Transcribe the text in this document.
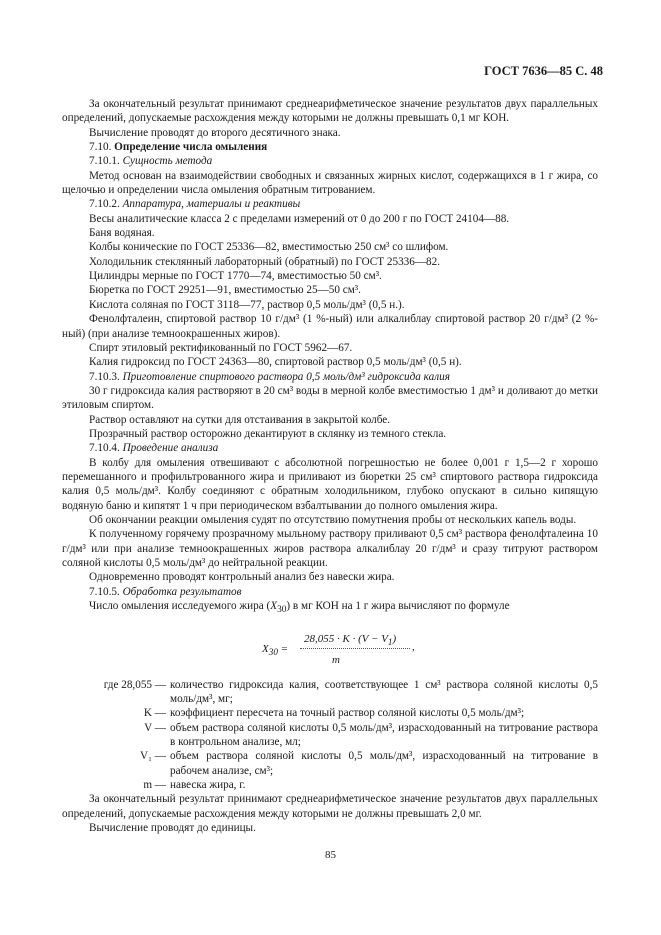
ГОСТ 7636—85 С. 48

За окончательный результат принимают среднеарифметическое значение результатов двух параллельных определений, допускаемые расхождения между которыми не должны превышать 0,1 мг КОН.

Вычисление проводят до второго десятичного знака.

7.10. Определение числа омыления

7.10.1. Сущность метода

Метод основан на взаимодействии свободных и связанных жирных кислот, содержащихся в 1 г жира, со щелочью и определении числа омыления обратным титрованием.

7.10.2. Аппаратура, материалы и реактивы

Весы аналитические класса 2 с пределами измерений от 0 до 200 г по ГОСТ 24104—88.

Баня водяная.

Колбы конические по ГОСТ 25336—82, вместимостью 250 см³ со шлифом.

Холодильник стеклянный лабораторный (обратный) по ГОСТ 25336—82.

Цилиндры мерные по ГОСТ 1770—74, вместимостью 50 см³.

Бюретка по ГОСТ 29251—91, вместимостью 25—50 см³.

Кислота соляная по ГОСТ 3118—77, раствор 0,5 моль/дм³ (0,5 н.).

Фенолфталеин, спиртовой раствор 10 г/дм³ (1 %-ный) или алкалиблау спиртовой раствор 20 г/дм³ (2 %-ный) (при анализе темноокрашенных жиров).

Спирт этиловый ректификованный по ГОСТ 5962—67.

Калия гидроксид по ГОСТ 24363—80, спиртовой раствор 0,5 моль/дм³ (0,5 н).

7.10.3. Приготовление спиртового раствора 0,5 моль/дм³ гидроксида калия

30 г гидроксида калия растворяют в 20 см³ воды в мерной колбе вместимостью 1 дм³ и доливают до метки этиловым спиртом.

Раствор оставляют на сутки для отстаивания в закрытой колбе.

Прозрачный раствор осторожно декантируют в склянку из темного стекла.

7.10.4. Проведение анализа

В колбу для омыления отвешивают с абсолютной погрешностью не более 0,001 г 1,5—2 г хорошо перемешанного и профильтрованного жира и приливают из бюретки 25 см³ спиртового раствора гидроксида калия 0,5 моль/дм³. Колбу соединяют с обратным холодильником, глубоко опускают в сильно кипящую водяную баню и кипятят 1 ч при периодическом взбалтывании до полного омыления жира.

Об окончании реакции омыления судят по отсутствию помутнения пробы от нескольких капель воды.

К полученному горячему прозрачному мыльному раствору приливают 0,5 см³ раствора фенолфталеина 10 г/дм³ или при анализе темноокрашенных жиров раствора алкалиблау 20 г/дм³ и сразу титруют раствором соляной кислоты 0,5 моль/дм³ до нейтральной реакции.

Одновременно проводят контрольный анализ без навески жира.

7.10.5. Обработка результатов

Число омыления исследуемого жира $(X_{30})$ в мг КОН на 1 г жира вычисляют по формуле

$X_{30}$ =
$28,055 \cdot K \cdot (V - V_1)$
m
,
где 28,055 — количество гидроксида калия, соответствующее 1 см³ раствора соляной кислоты 0,5 моль/дм³, мг;
K — коэффициент пересчета на точный раствор соляной кислоты 0,5 моль/дм³;
V — объем раствора соляной кислоты 0,5 моль/дм³, израсходованный на титрование раствора в контрольном анализе, мл;
V₁ — объем раствора соляной кислоты 0,5 моль/дм³, израсходованный на титрование в рабочем анализе, см³;
m — навеска жира, г.

За окончательный результат принимают среднеарифметическое значение результатов двух параллельных определений, допускаемые расхождения между которыми не должны превышать 2,0 мг.

Вычисление проводят до единицы.

85
